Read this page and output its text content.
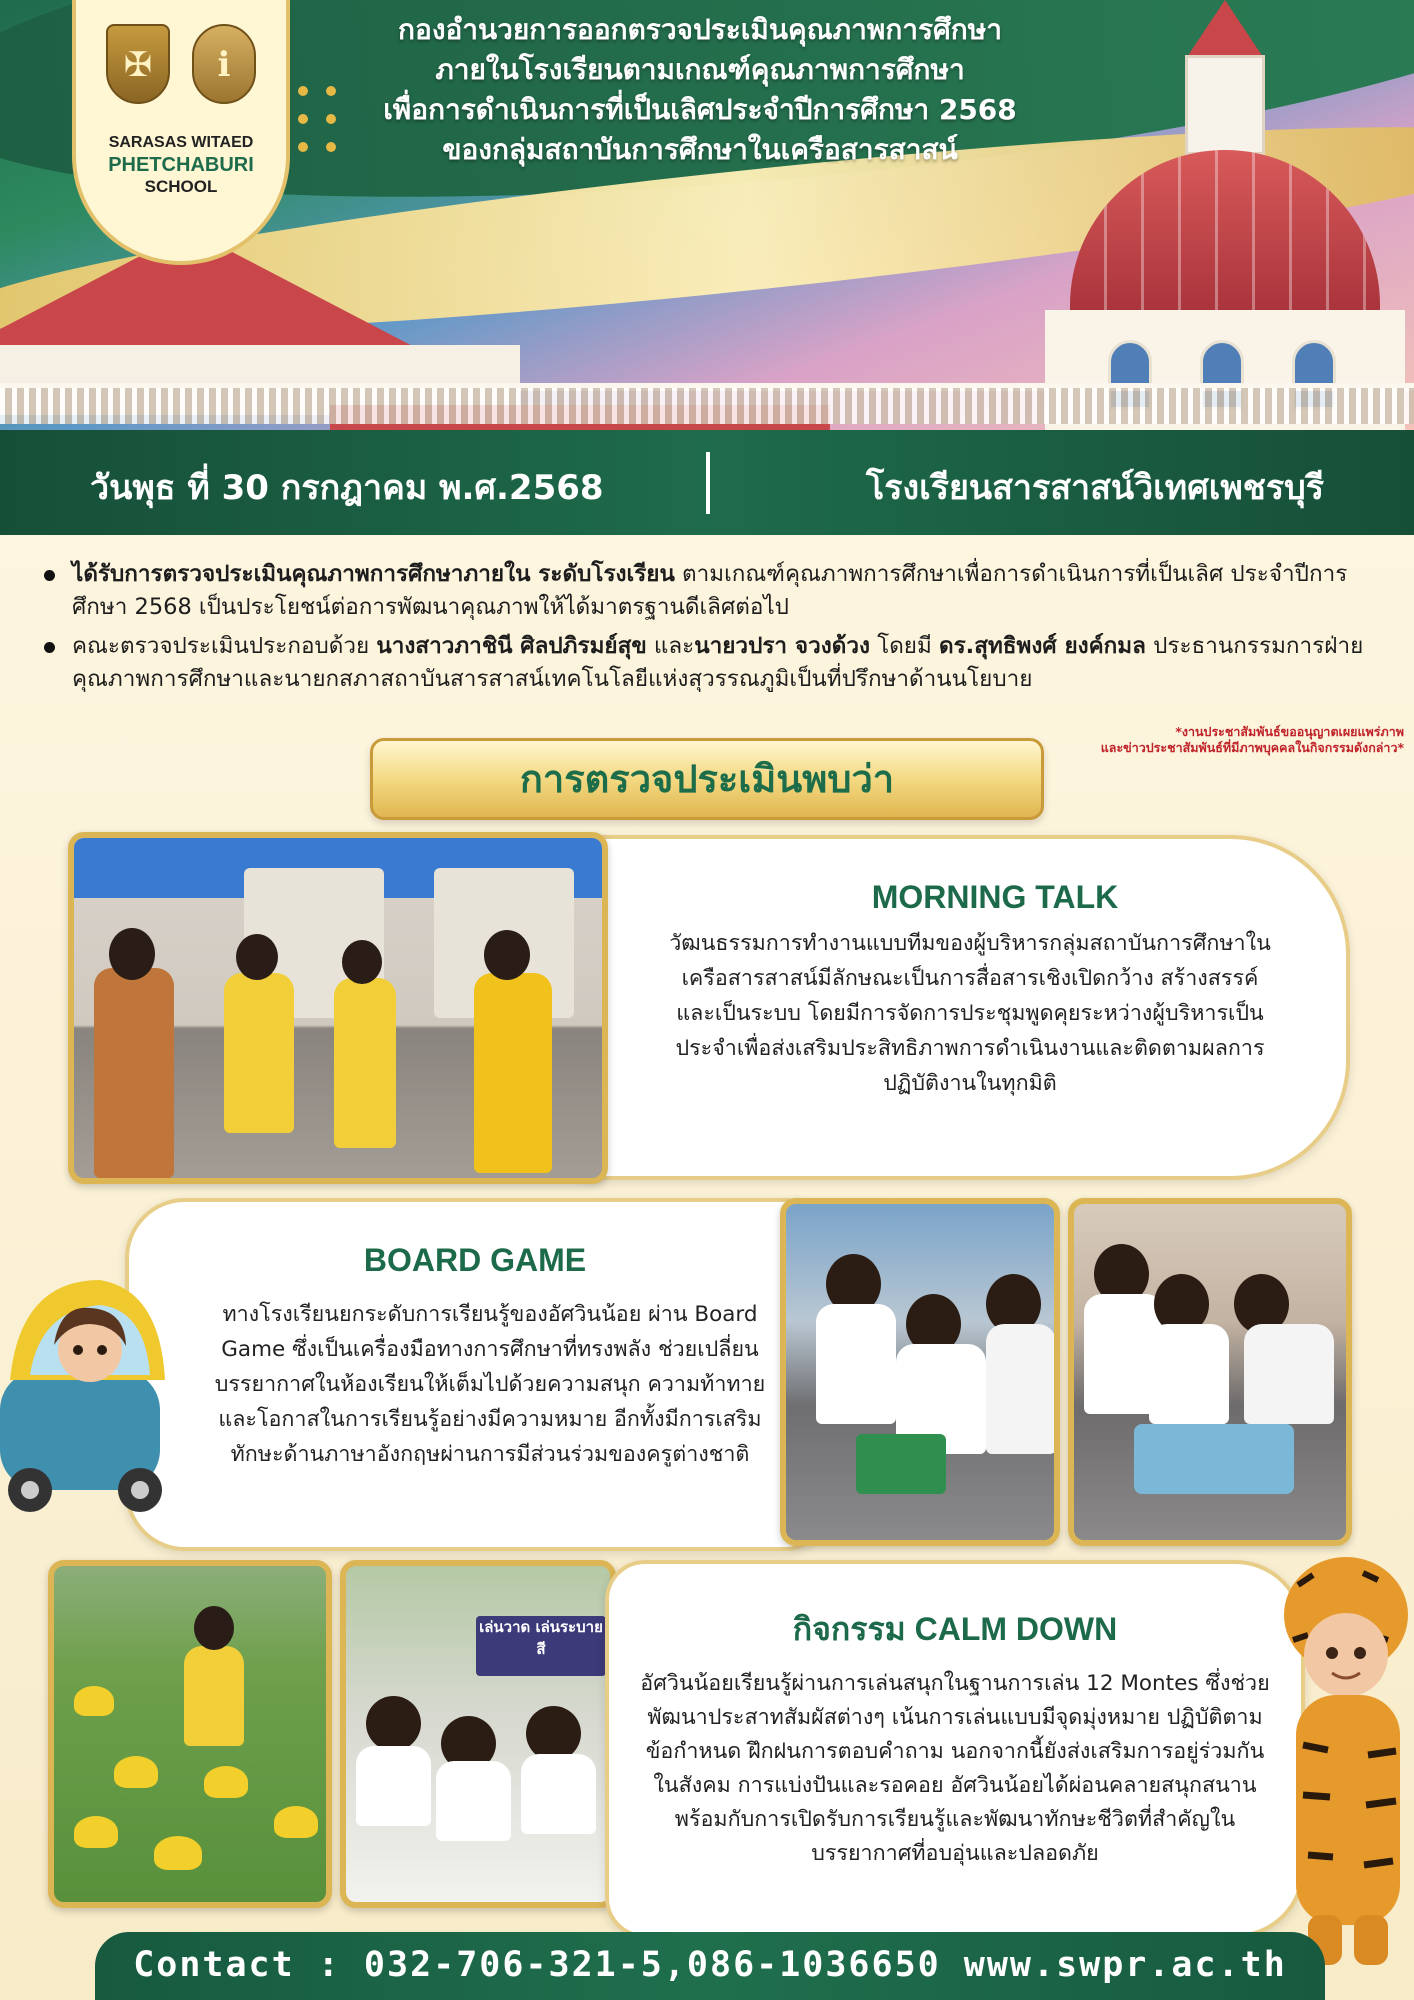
✠	ℹ
SARASAS WITAED
PHETCHABURI
SCHOOL
กองอำนวยการออกตรวจประเมินคุณภาพการศึกษา
ภายในโรงเรียนตามเกณฑ์คุณภาพการศึกษา
เพื่อการดำเนินการที่เป็นเลิศประจำปีการศึกษา 2568
ของกลุ่มสถาบันการศึกษาในเครือสารสาสน์
วันพุธ ที่ 30 กรกฎาคม พ.ศ.2568	โรงเรียนสารสาสน์วิเทศเพชรบุรี
ได้รับการตรวจประเมินคุณภาพการศึกษาภายใน ระดับโรงเรียน ตามเกณฑ์คุณภาพการศึกษาเพื่อการดำเนินการที่เป็นเลิศ ประจำปีการศึกษา 2568 เป็นประโยชน์ต่อการพัฒนาคุณภาพให้ได้มาตรฐานดีเลิศต่อไป
คณะตรวจประเมินประกอบด้วย นางสาวภาชินี ศิลปภิรมย์สุข และนายวปรา จวงด้วง โดยมี ดร.สุทธิพงศ์ ยงค์กมล ประธานกรรมการฝ่ายคุณภาพการศึกษาและนายกสภาสถาบันสารสาสน์เทคโนโลยีแห่งสุวรรณภูมิเป็นที่ปรึกษาด้านนโยบาย
*งานประชาสัมพันธ์ขออนุญาตเผยแพร่ภาพ
และข่าวประชาสัมพันธ์ที่มีภาพบุคคลในกิจกรรมดังกล่าว*
การตรวจประเมินพบว่า
MORNING TALK

วัฒนธรรมการทำงานแบบทีมของผู้บริหารกลุ่มสถาบันการศึกษาในเครือสารสาสน์มีลักษณะเป็นการสื่อสารเชิงเปิดกว้าง สร้างสรรค์และเป็นระบบ โดยมีการจัดการประชุมพูดคุยระหว่างผู้บริหารเป็นประจำเพื่อส่งเสริมประสิทธิภาพการดำเนินงานและติดตามผลการปฏิบัติงานในทุกมิติ

BOARD GAME

ทางโรงเรียนยกระดับการเรียนรู้ของอัศวินน้อย ผ่าน Board Game ซึ่งเป็นเครื่องมือทางการศึกษาที่ทรงพลัง ช่วยเปลี่ยนบรรยากาศในห้องเรียนให้เต็มไปด้วยความสนุก ความท้าทาย และโอกาสในการเรียนรู้อย่างมีความหมาย อีกทั้งมีการเสริมทักษะด้านภาษาอังกฤษผ่านการมีส่วนร่วมของครูต่างชาติ

เล่นวาด เล่นระบายสี
กิจกรรม CALM DOWN

อัศวินน้อยเรียนรู้ผ่านการเล่นสนุกในฐานการเล่น 12 Montes ซึ่งช่วยพัฒนาประสาทสัมผัสต่างๆ เน้นการเล่นแบบมีจุดมุ่งหมาย ปฏิบัติตามข้อกำหนด ฝึกฝนการตอบคำถาม นอกจากนี้ยังส่งเสริมการอยู่ร่วมกันในสังคม การแบ่งปันและรอคอย อัศวินน้อยได้ผ่อนคลายสนุกสนานพร้อมกับการเปิดรับการเรียนรู้และพัฒนาทักษะชีวิตที่สำคัญในบรรยากาศที่อบอุ่นและปลอดภัย

Contact : 032-706-321-5,086-1036650 www.swpr.ac.th
